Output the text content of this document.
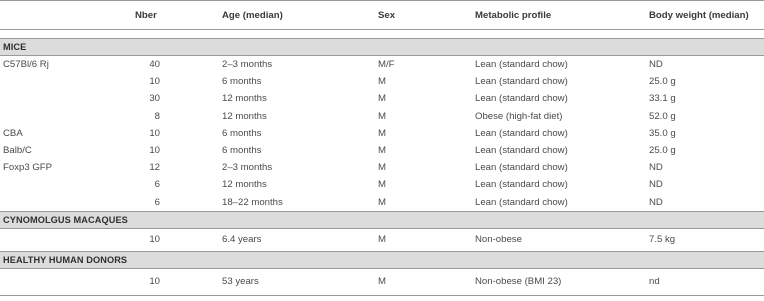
	Nber	Age (median)	Sex	Metabolic profile	Body weight (median)

MICE					
C57Bl/6 Rj	40	2–3 months	M/F	Lean (standard chow)	ND
	10	6 months	M	Lean (standard chow)	25.0 g
	30	12 months	M	Lean (standard chow)	33.1 g
	8	12 months	M	Obese (high-fat diet)	52.0 g
CBA	10	6 months	M	Lean (standard chow)	35.0 g
Balb/C	10	6 months	M	Lean (standard chow)	25.0 g
Foxp3 GFP	12	2–3 months	M	Lean (standard chow)	ND
	6	12 months	M	Lean (standard chow)	ND
	6	18–22 months	M	Lean (standard chow)	ND
CYNOMOLGUS MACAQUES					
	10	6.4 years	M	Non-obese	7.5 kg
HEALTHY HUMAN DONORS					
	10	53 years	M	Non-obese (BMI 23)	nd
